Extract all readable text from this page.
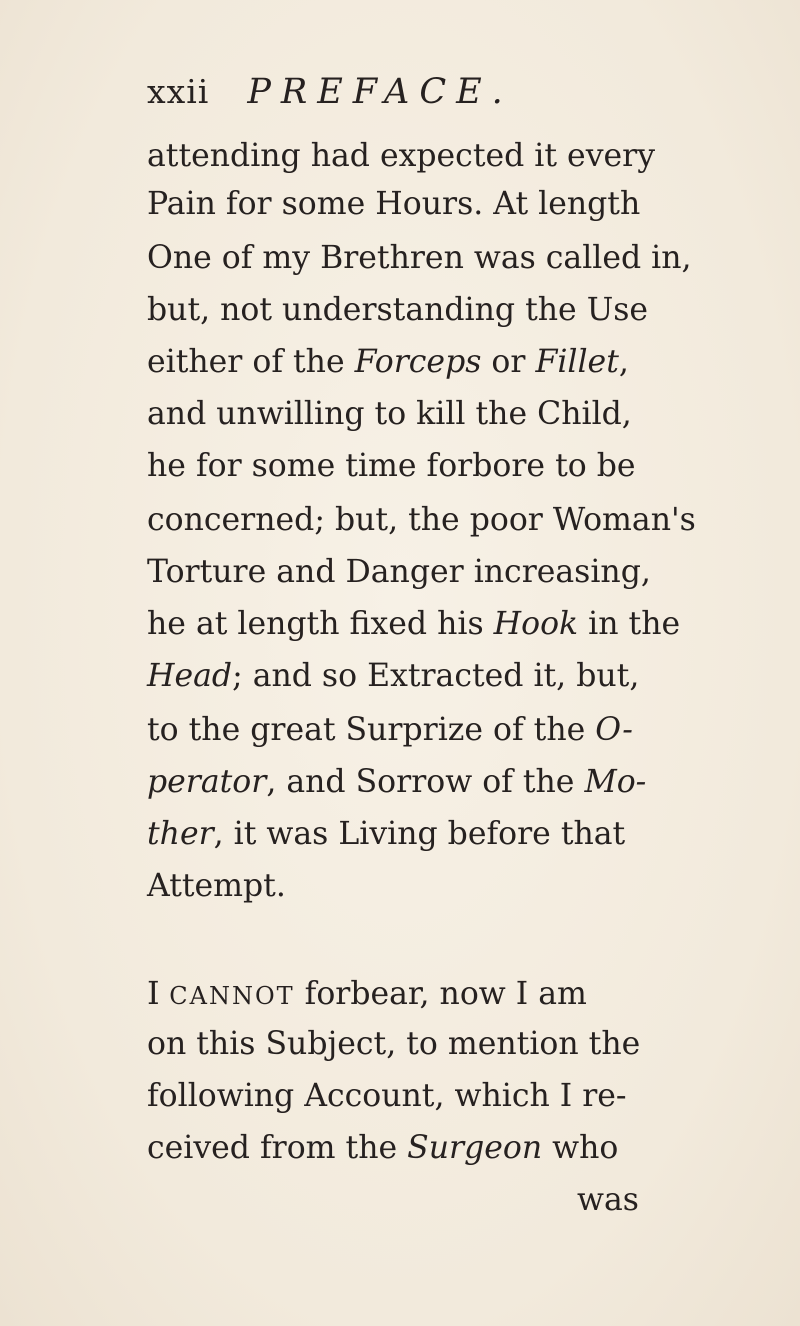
xxii PREFACE.
attending had expected it every
Pain for some Hours. At length
One of my Brethren was called in,
but, not understanding the Use
either of the Forceps or Fillet,
and unwilling to kill the Child,
he for some time forbore to be
concerned; but, the poor Woman's
Torture and Danger increasing,
he at length fixed his Hook in the
Head; and so Extracted it, but,
to the great Surprize of the O-
perator, and Sorrow of the Mo-
ther, it was Living before that
Attempt.
I CANNOT forbear, now I am
on this Subject, to mention the
following Account, which I re-
ceived from the Surgeon who
was
